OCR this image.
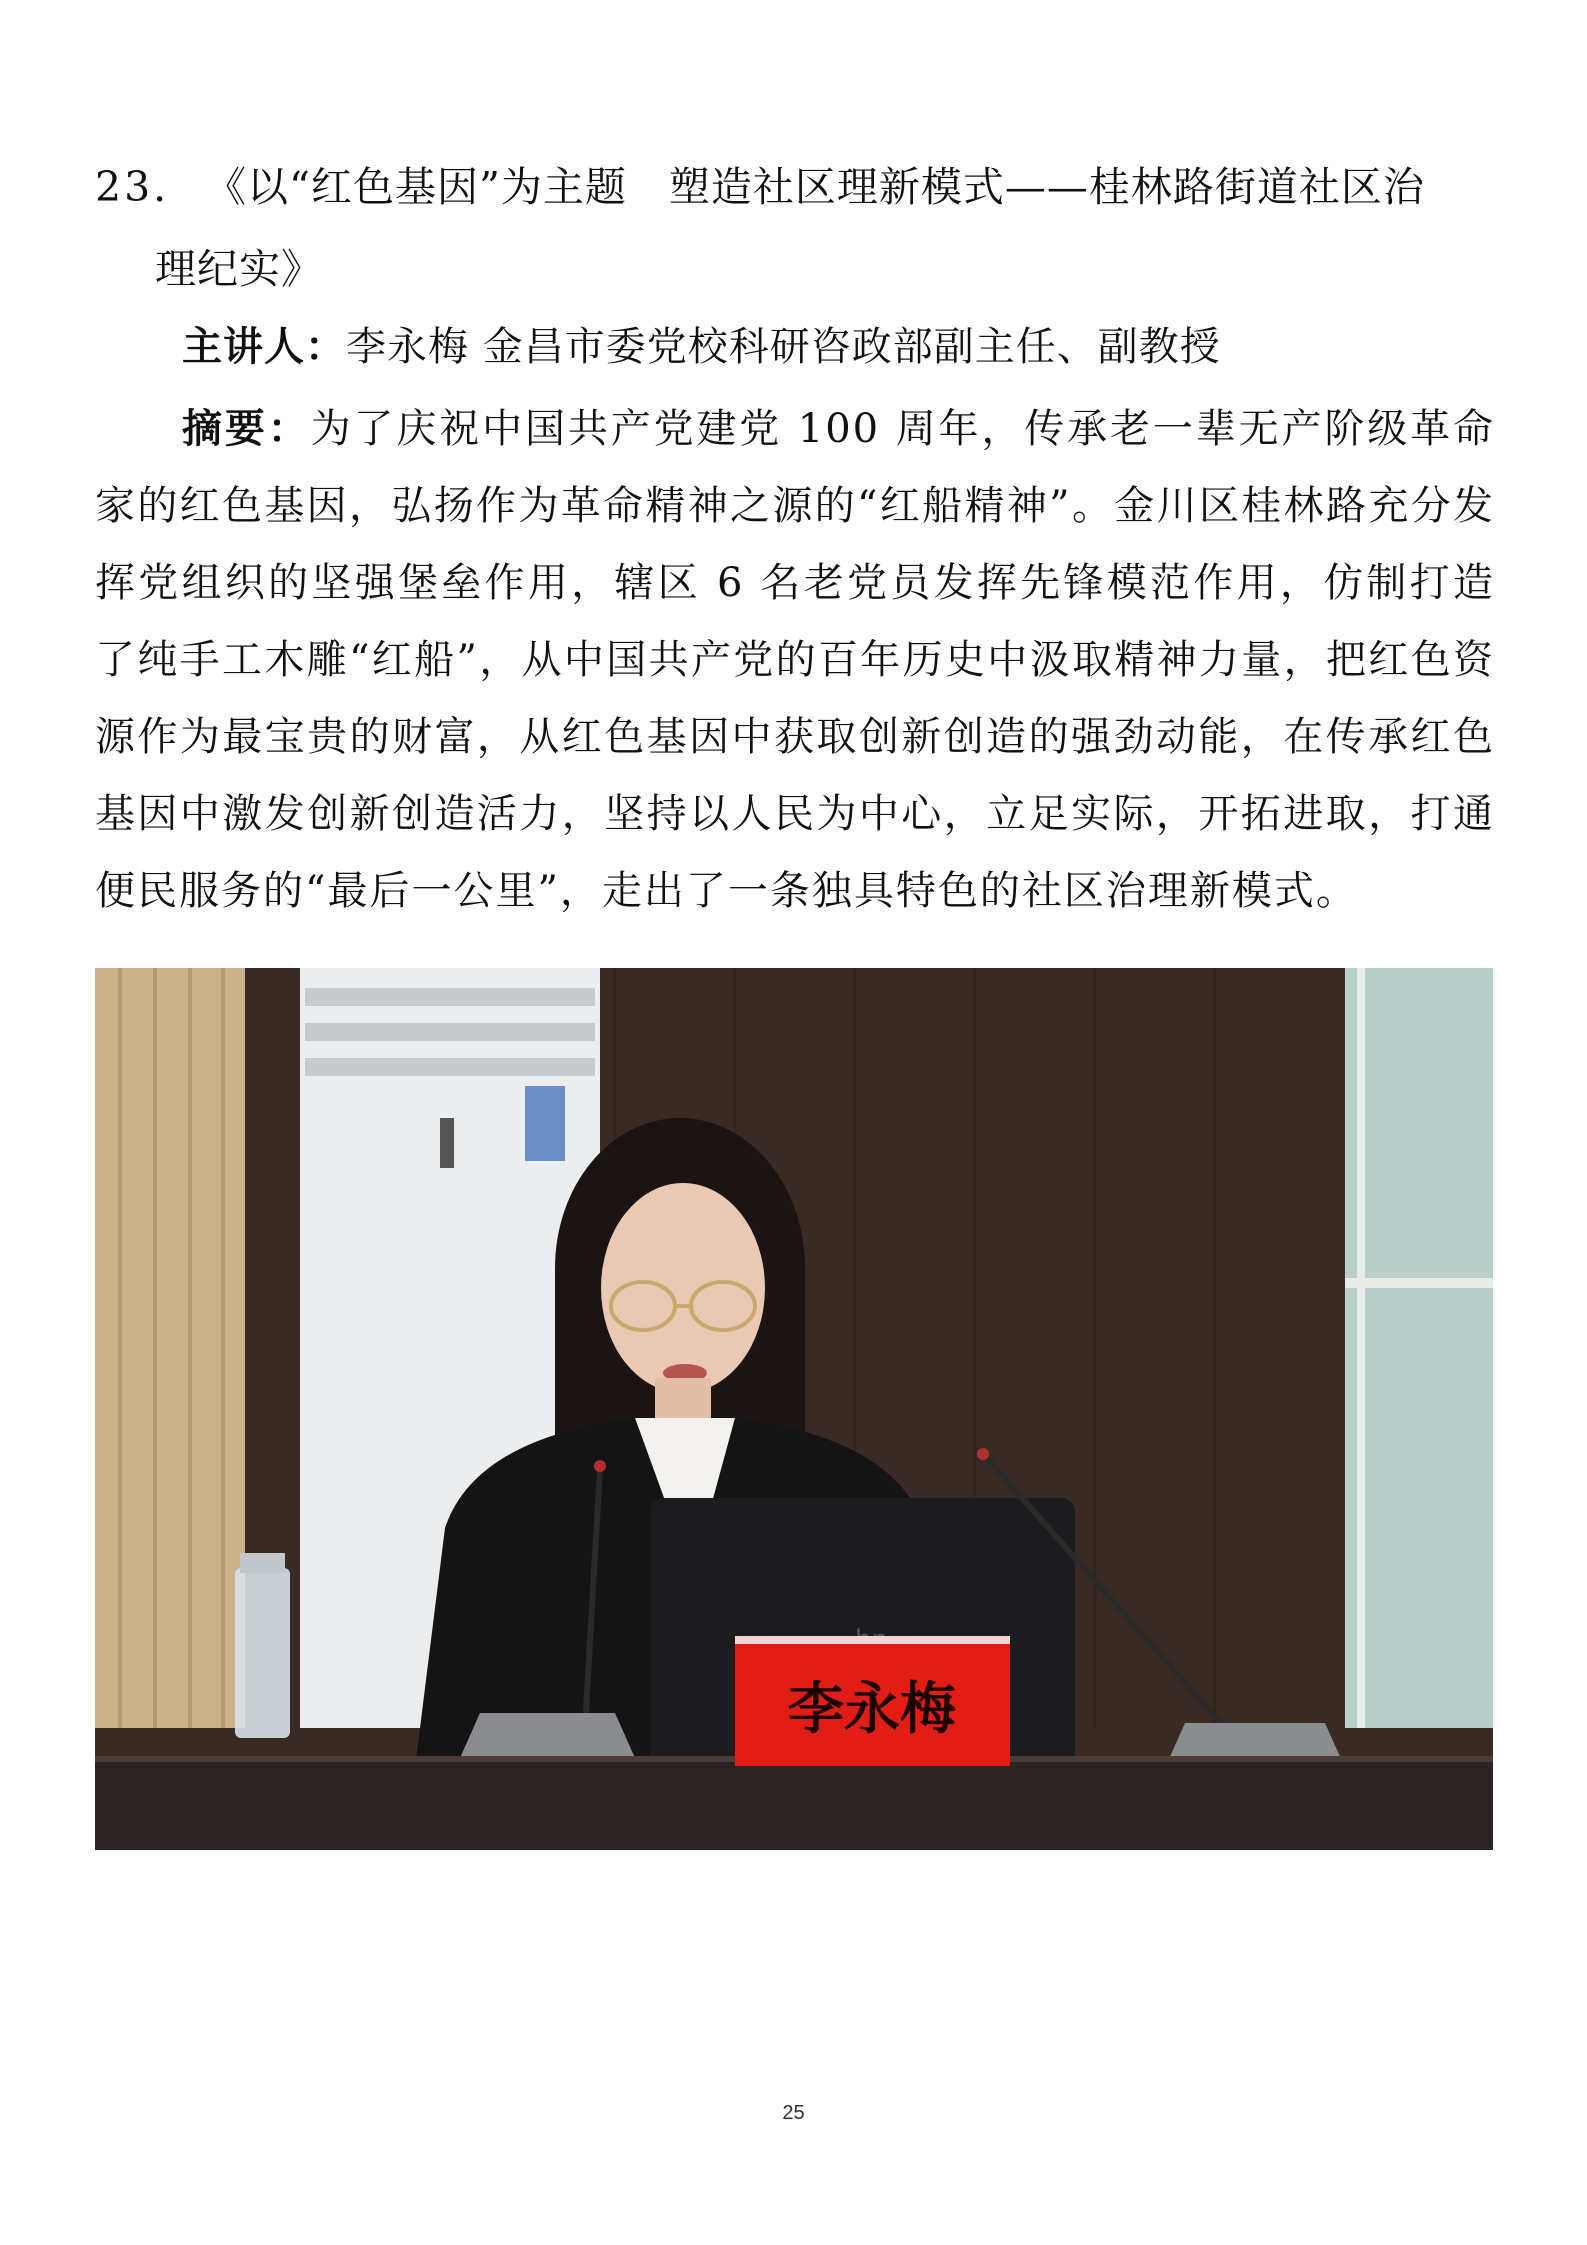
23. 《以“红色基因”为主题　塑造社区理新模式——桂林路街道社区治
理纪实》
主讲人：李永梅 金昌市委党校科研咨政部副主任、副教授
摘要：为了庆祝中国共产党建党 100 周年，传承老一辈无产阶级革命家的红色基因，弘扬作为革命精神之源的“红船精神”。金川区桂林路充分发挥党组织的坚强堡垒作用，辖区 6 名老党员发挥先锋模范作用，仿制打造了纯手工木雕“红船”，从中国共产党的百年历史中汲取精神力量，把红色资源作为最宝贵的财富，从红色基因中获取创新创造的强劲动能，在传承红色基因中激发创新创造活力，坚持以人民为中心，立足实际，开拓进取，打通便民服务的“最后一公里”，走出了一条独具特色的社区治理新模式。
李永梅
25
